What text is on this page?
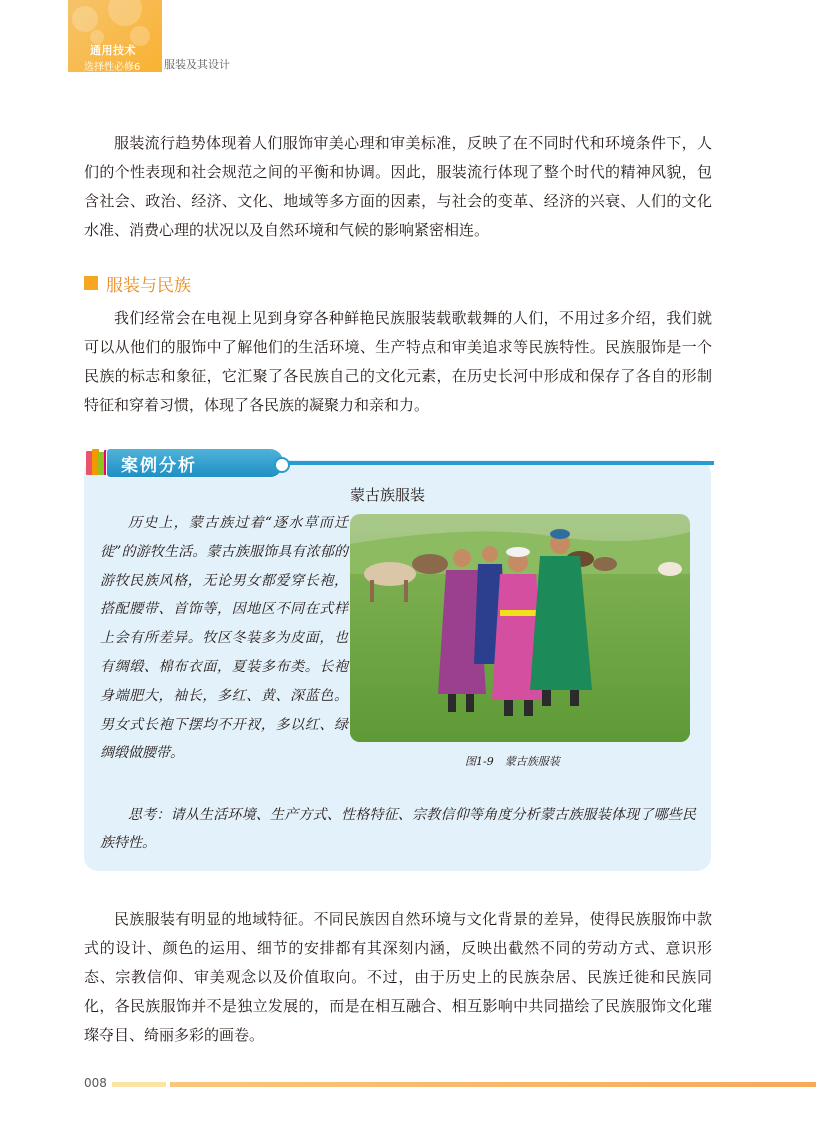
通用技术
选择性必修6 服装及其设计

服装流行趋势体现着人们服饰审美心理和审美标准，反映了在不同时代和环境条件下，人们的个性表现和社会规范之间的平衡和协调。因此，服装流行体现了整个时代的精神风貌，包含社会、政治、经济、文化、地域等多方面的因素，与社会的变革、经济的兴衰、人们的文化水准、消费心理的状况以及自然环境和气候的影响紧密相连。

服装与民族

我们经常会在电视上见到身穿各种鲜艳民族服装载歌载舞的人们，不用过多介绍，我们就可以从他们的服饰中了解他们的生活环境、生产特点和审美追求等民族特性。民族服饰是一个民族的标志和象征，它汇聚了各民族自己的文化元素，在历史长河中形成和保存了各自的形制特征和穿着习惯，体现了各民族的凝聚力和亲和力。

案例分析
蒙古族服装

历史上，蒙古族过着“逐水草而迁徙”的游牧生活。蒙古族服饰具有浓郁的游牧民族风格，无论男女都爱穿长袍，搭配腰带、首饰等，因地区不同在式样上会有所差异。牧区冬装多为皮面，也有绸缎、棉布衣面，夏装多布类。长袍身端肥大，袖长，多红、黄、深蓝色。男女式长袍下摆均不开衩，多以红、绿绸缎做腰带。

图1-9　蒙古族服装

思考：请从生活环境、生产方式、性格特征、宗教信仰等角度分析蒙古族服装体现了哪些民族特性。

民族服装有明显的地域特征。不同民族因自然环境与文化背景的差异，使得民族服饰中款式的设计、颜色的运用、细节的安排都有其深刻内涵，反映出截然不同的劳动方式、意识形态、宗教信仰、审美观念以及价值取向。不过，由于历史上的民族杂居、民族迁徙和民族同化，各民族服饰并不是独立发展的，而是在相互融合、相互影响中共同描绘了民族服饰文化璀璨夺目、绮丽多彩的画卷。

008
